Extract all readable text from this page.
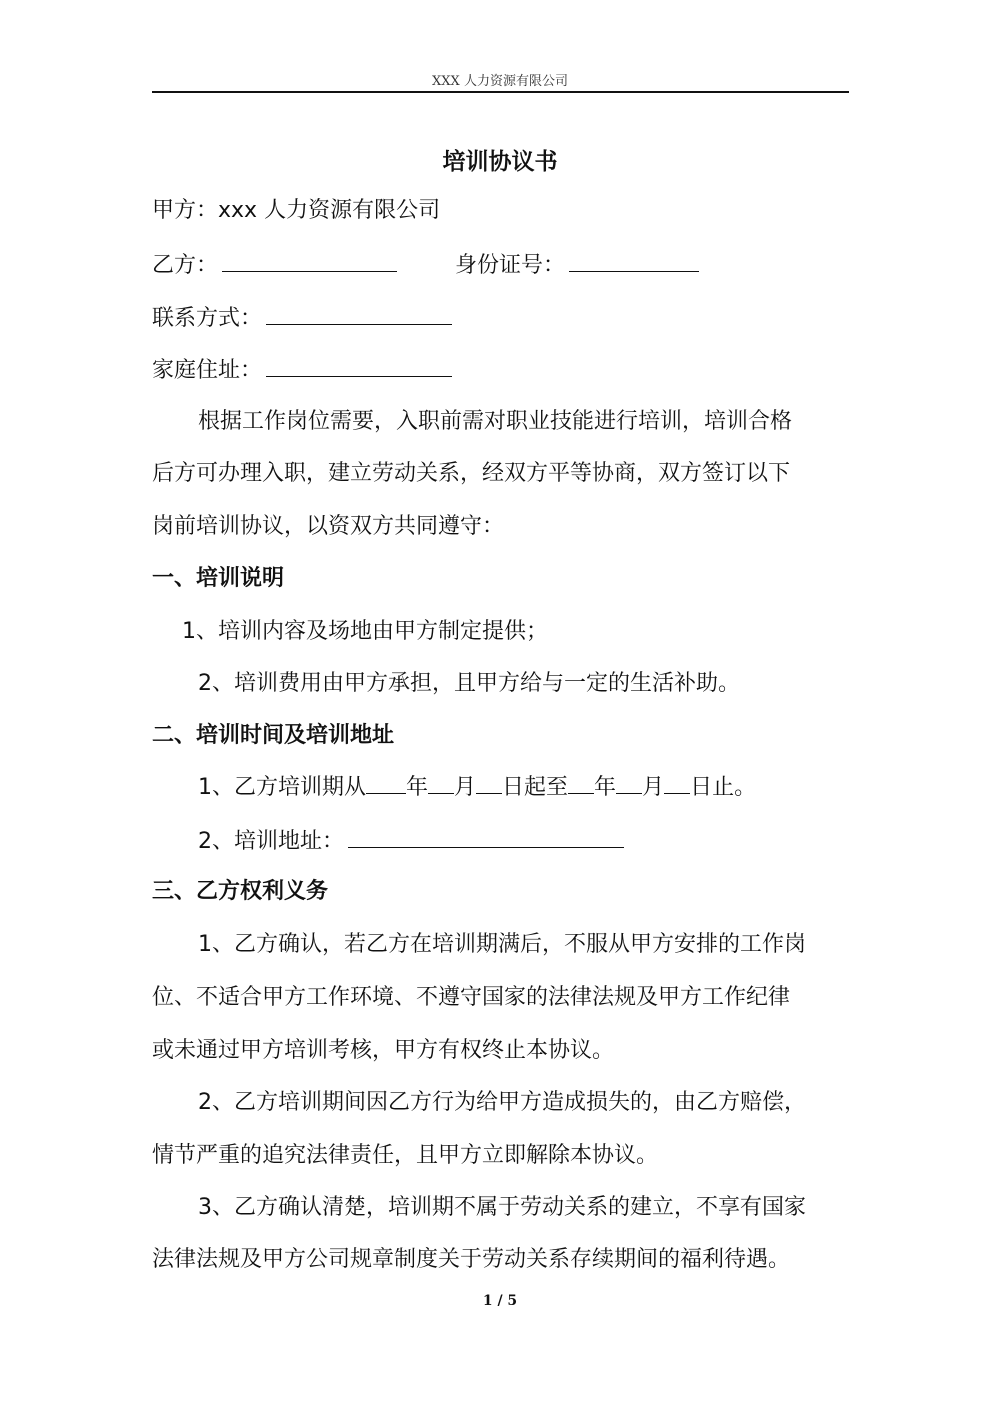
XXX 人力资源有限公司
培训协议书
甲方：xxx 人力资源有限公司
乙方：	身份证号：
联系方式：
家庭住址：
根据工作岗位需要，入职前需对职业技能进行培训，培训合格
后方可办理入职，建立劳动关系，经双方平等协商，双方签订以下
岗前培训协议，以资双方共同遵守：
一、培训说明
1、培训内容及场地由甲方制定提供；
2、培训费用由甲方承担，且甲方给与一定的生活补助。
二、培训时间及培训地址
1、乙方培训期从 年 月 日起至 年 月 日止。
2、培训地址：
三、乙方权利义务
1、乙方确认，若乙方在培训期满后，不服从甲方安排的工作岗
位、不适合甲方工作环境、不遵守国家的法律法规及甲方工作纪律
或未通过甲方培训考核，甲方有权终止本协议。
2、乙方培训期间因乙方行为给甲方造成损失的，由乙方赔偿，
情节严重的追究法律责任，且甲方立即解除本协议。
3、乙方确认清楚，培训期不属于劳动关系的建立，不享有国家
法律法规及甲方公司规章制度关于劳动关系存续期间的福利待遇。
1 / 5
